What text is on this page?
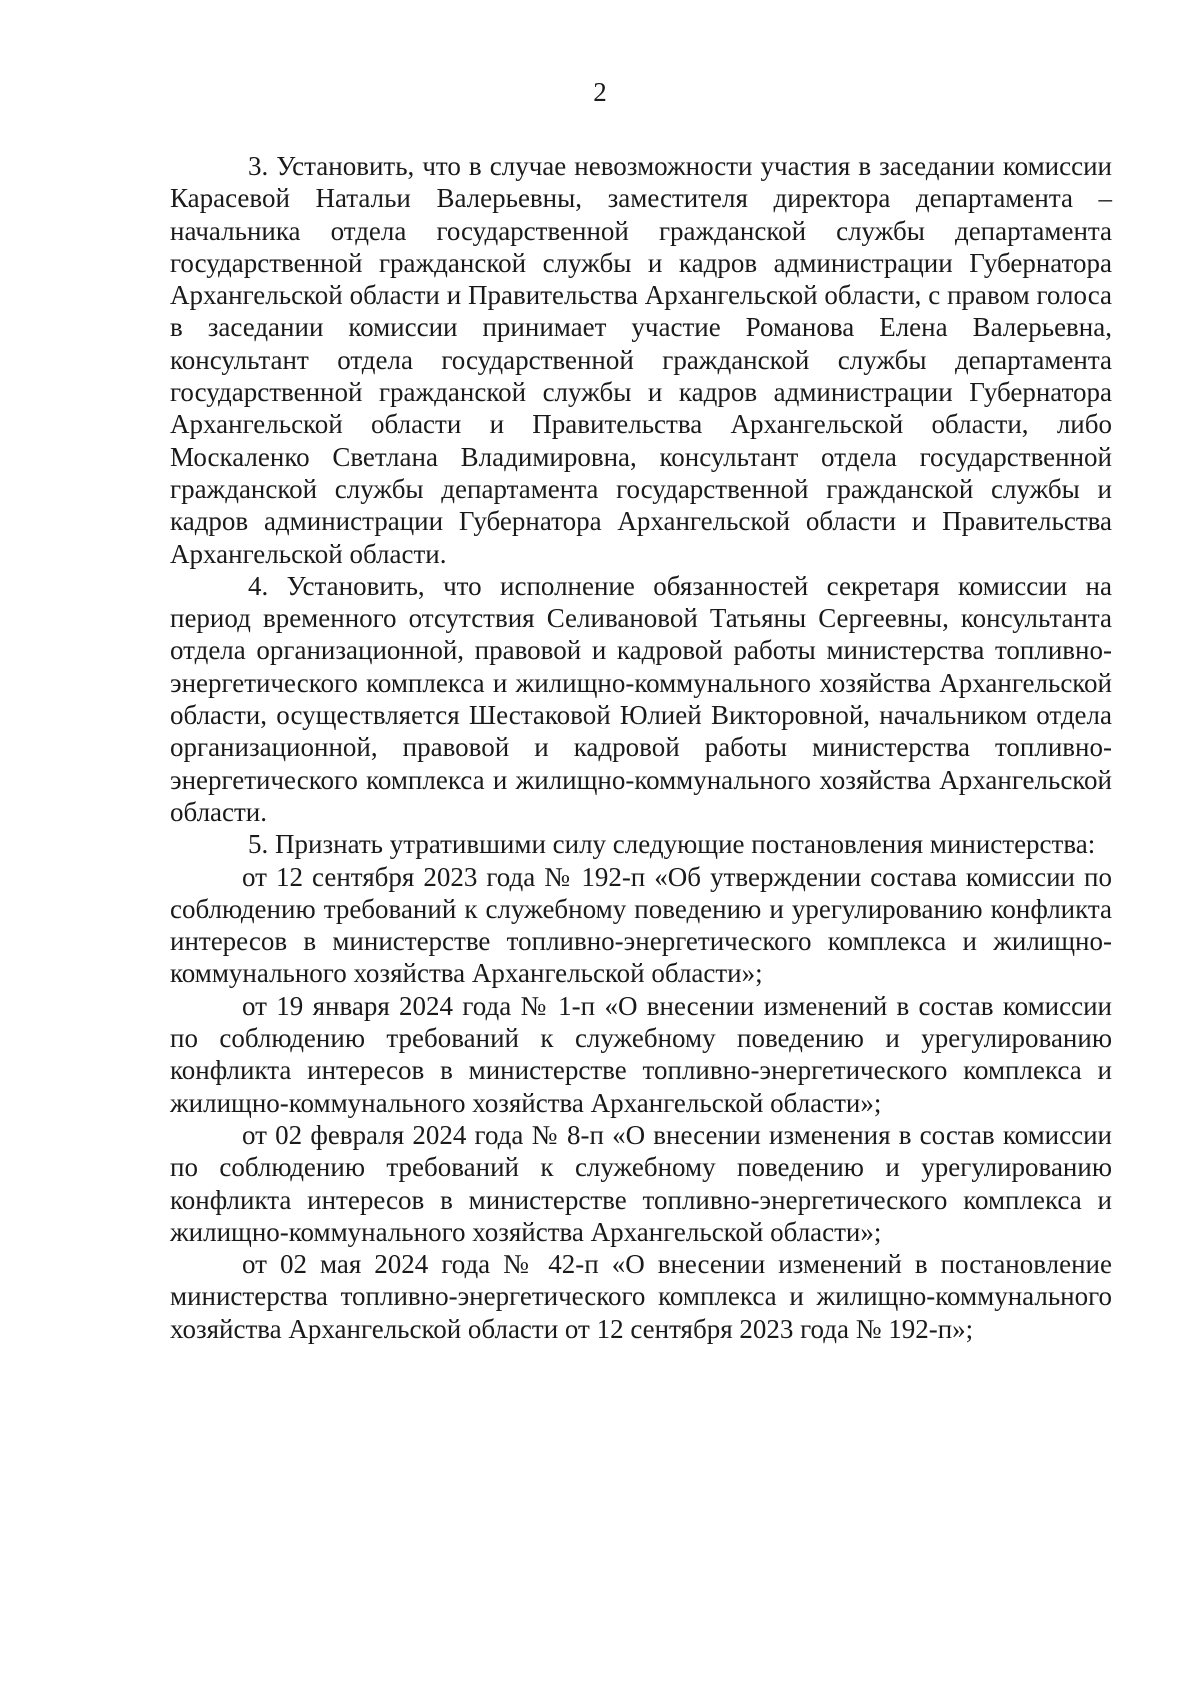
2

3. Установить, что в случае невозможности участия в заседании комиссии Карасевой Натальи Валерьевны, заместителя директора департамента – начальника отдела государственной гражданской службы департамента государственной гражданской службы и кадров администрации Губернатора Архангельской области и Правительства Архангельской области, с правом голоса в заседании комиссии принимает участие Романова Елена Валерьевна, консультант отдела государственной гражданской службы департамента государственной гражданской службы и кадров администрации Губернатора Архангельской области и Правительства Архангельской области, либо Москаленко Светлана Владимировна, консультант отдела государственной гражданской службы департамента государственной гражданской службы и кадров администрации Губернатора Архангельской области и Правительства Архангельской области.

4. Установить, что исполнение обязанностей секретаря комиссии на период временного отсутствия Селивановой Татьяны Сергеевны, консультанта отдела организационной, правовой и кадровой работы министерства топливно-энергетического комплекса и жилищно-коммунального хозяйства Архангельской области, осуществляется Шестаковой Юлией Викторовной, начальником отдела организационной, правовой и кадровой работы министерства топливно-энергетического комплекса и жилищно-коммунального хозяйства Архангельской области.

5. Признать утратившими силу следующие постановления министерства:

от 12 сентября 2023 года № 192-п «Об утверждении состава комиссии по соблюдению требований к служебному поведению и урегулированию конфликта интересов в министерстве топливно-энергетического комплекса и жилищно-коммунального хозяйства Архангельской области»;

от 19 января 2024 года № 1-п «О внесении изменений в состав комиссии по соблюдению требований к служебному поведению и урегулированию конфликта интересов в министерстве топливно-энергетического комплекса и жилищно-коммунального хозяйства Архангельской области»;

от 02 февраля 2024 года № 8-п «О внесении изменения в состав комиссии по соблюдению требований к служебному поведению и урегулированию конфликта интересов в министерстве топливно-энергетического комплекса и жилищно-коммунального хозяйства Архангельской области»;

от 02 мая 2024 года № 42-п «О внесении изменений в постановление министерства топливно-энергетического комплекса и жилищно-коммунального хозяйства Архангельской области от 12 сентября 2023 года № 192-п»;
